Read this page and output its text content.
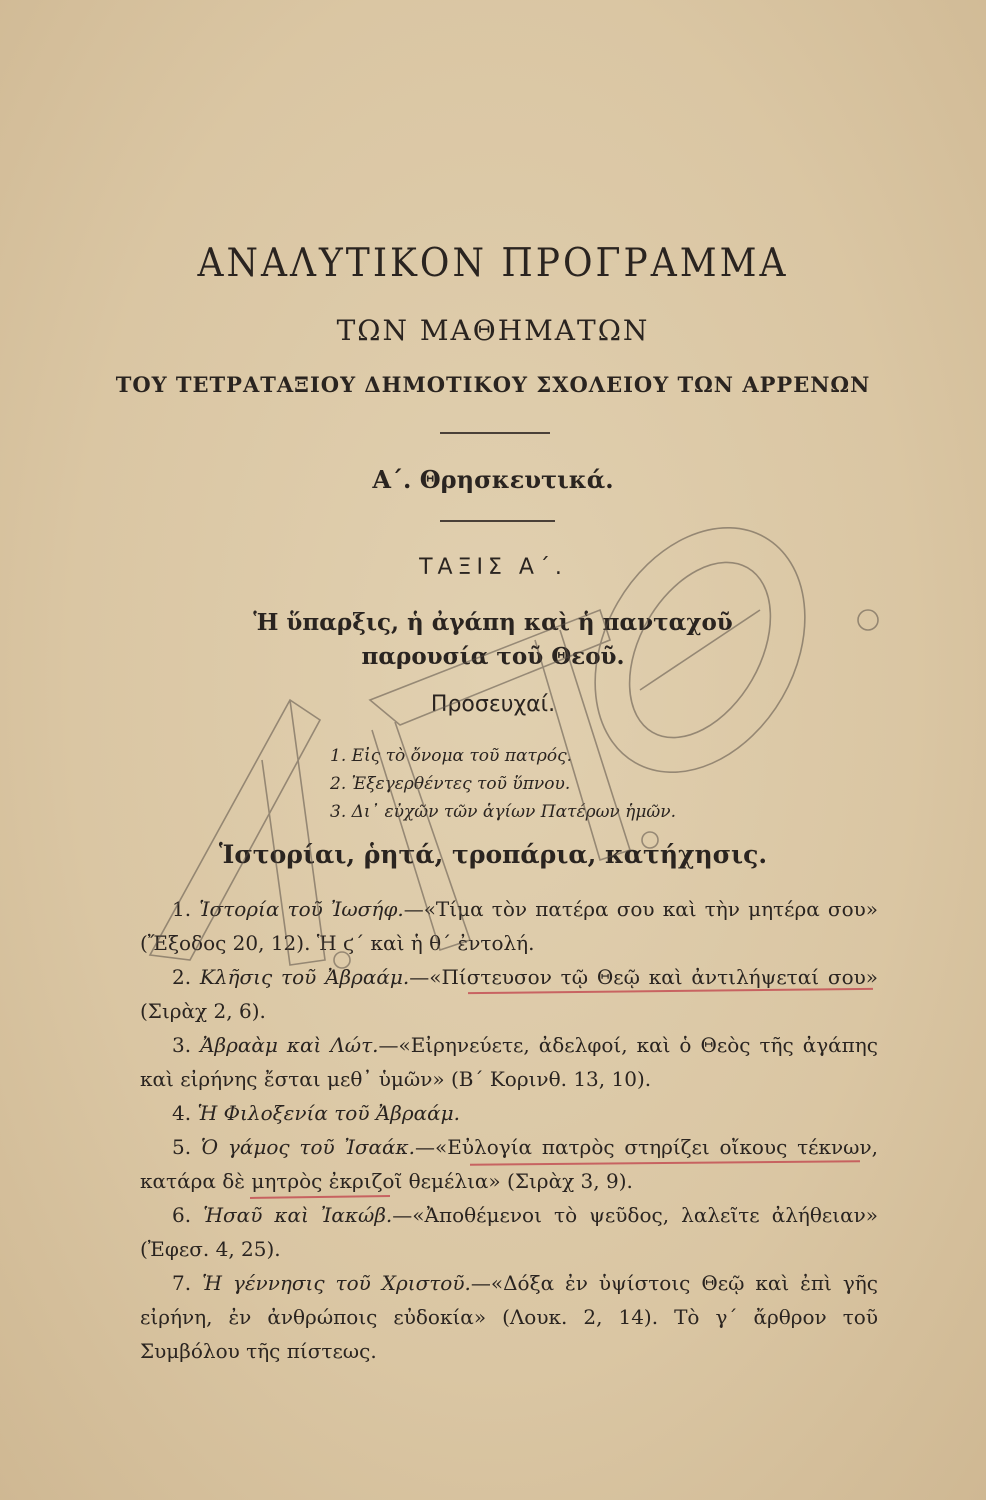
ΑΝΑΛΥΤΙΚΟΝ ΠΡΟΓΡΑΜΜΑ
ΤΩΝ ΜΑΘΗΜΑΤΩΝ
ΤΟΥ ΤΕΤΡΑΤΑΞΙΟΥ ΔΗΜΟΤΙΚΟΥ ΣΧΟΛΕΙΟΥ ΤΩΝ ΑΡΡΕΝΩΝ
Α΄. Θρησκευτικά.
ΤΑΞΙΣ Α΄.
Ἡ ὕπαρξις, ἡ ἀγάπη καὶ ἡ πανταχοῦ
παρουσία τοῦ Θεοῦ.
Προσευχαί.
1. Εἰς τὸ ὄνομα τοῦ πατρός.
2. Ἐξεγερθέντες τοῦ ὕπνου.
3. Δι᾽ εὐχῶν τῶν ἁγίων Πατέρων ἡμῶν.
Ἱστορίαι, ῥητά, τροπάρια, κατήχησις.

1. Ἱστορία τοῦ Ἰωσήφ.—«Τίμα τὸν πατέρα σου καὶ τὴν μητέρα σου» (Ἔξοδος 20, 12). Ἡ ϛ΄ καὶ ἡ θ΄ ἐντολή.

2. Κλῆσις τοῦ Ἀβραάμ.—«Πίστευσον τῷ Θεῷ καὶ ἀντιλήψεταί σου» (Σιρὰχ 2, 6).

3. Ἀβραὰμ καὶ Λώτ.—«Εἰρηνεύετε, ἀδελφοί, καὶ ὁ Θεὸς τῆς ἀγάπης καὶ εἰρήνης ἔσται μεθ᾽ ὑμῶν» (Β΄ Κορινθ. 13, 10).

4. Ἡ Φιλοξενία τοῦ Ἀβραάμ.

5. Ὁ γάμος τοῦ Ἰσαάκ.—«Εὐλογία πατρὸς στηρίζει οἴκους τέκνων, κατάρα δὲ μητρὸς ἐκριζοῖ θεμέλια» (Σιρὰχ 3, 9).

6. Ἡσαῦ καὶ Ἰακώβ.—«Ἀποθέμενοι τὸ ψεῦδος, λαλεῖτε ἀλήθειαν» (Ἐφεσ. 4, 25).

7. Ἡ γέννησις τοῦ Χριστοῦ.—«Δόξα ἐν ὑψίστοις Θεῷ καὶ ἐπὶ γῆς εἰρήνη, ἐν ἀνθρώποις εὐδοκία» (Λουκ. 2, 14). Τὸ γ΄ ἄρθρον τοῦ Συμβόλου τῆς πίστεως.
